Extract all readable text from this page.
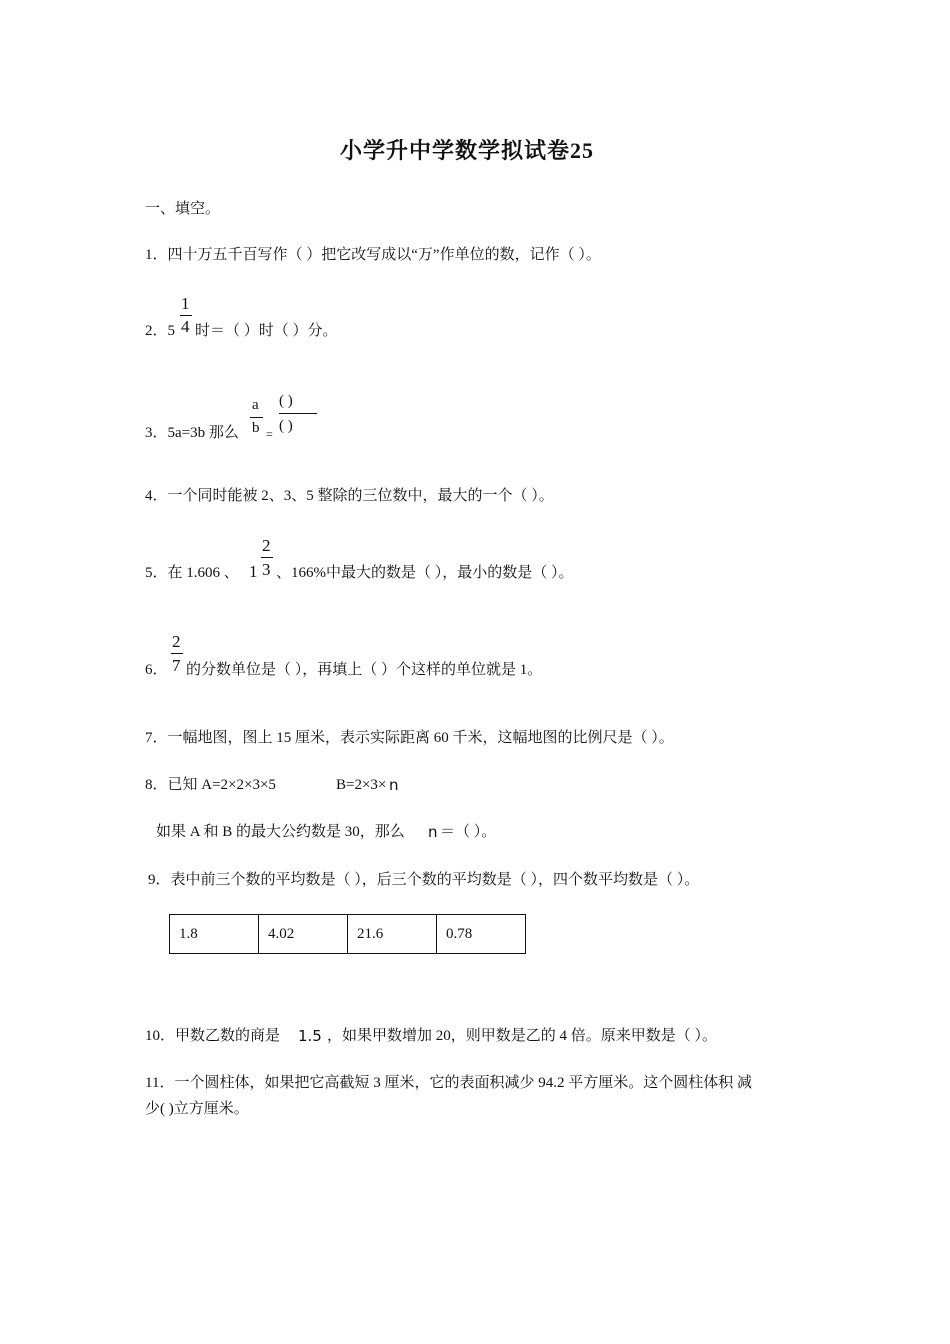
小学升中学数学拟试卷25
一、填空。
1．四十万五千百写作（ ）把它改写成以“万”作单位的数，记作（ ）。
2．5
1
4 时＝（ ）时（ ）分。
3．5a=3b 那么
a
b =
( )
( )
4．一个同时能被 2、3、5 整除的三位数中，最大的一个（ ）。
5．在 1.606 、 1
2
3 、166%中最大的数是（ ），最小的数是（ ）。
6．
2
7 的分数单位是（ ），再填上（ ）个这样的单位就是 1。
7．一幅地图，图上 15 厘米，表示实际距离 60 千米，这幅地图的比例尺是（ ）。
8．已知 A=2×2×3×5	B=2×3× n
如果 A 和 B 的最大公约数是 30，那么 n ＝（ ）。
9．表中前三个数的平均数是（ ），后三个数的平均数是（ ），四个数平均数是（ ）。
1.8	4.02	21.6	0.78
10．甲数乙数的商是 1.5 ，如果甲数增加 20，则甲数是乙的 4 倍。原来甲数是（ ）。
11．一个圆柱体，如果把它高截短 3 厘米，它的表面积减少 94.2 平方厘米。这个圆柱体积 减
少( )立方厘米。
